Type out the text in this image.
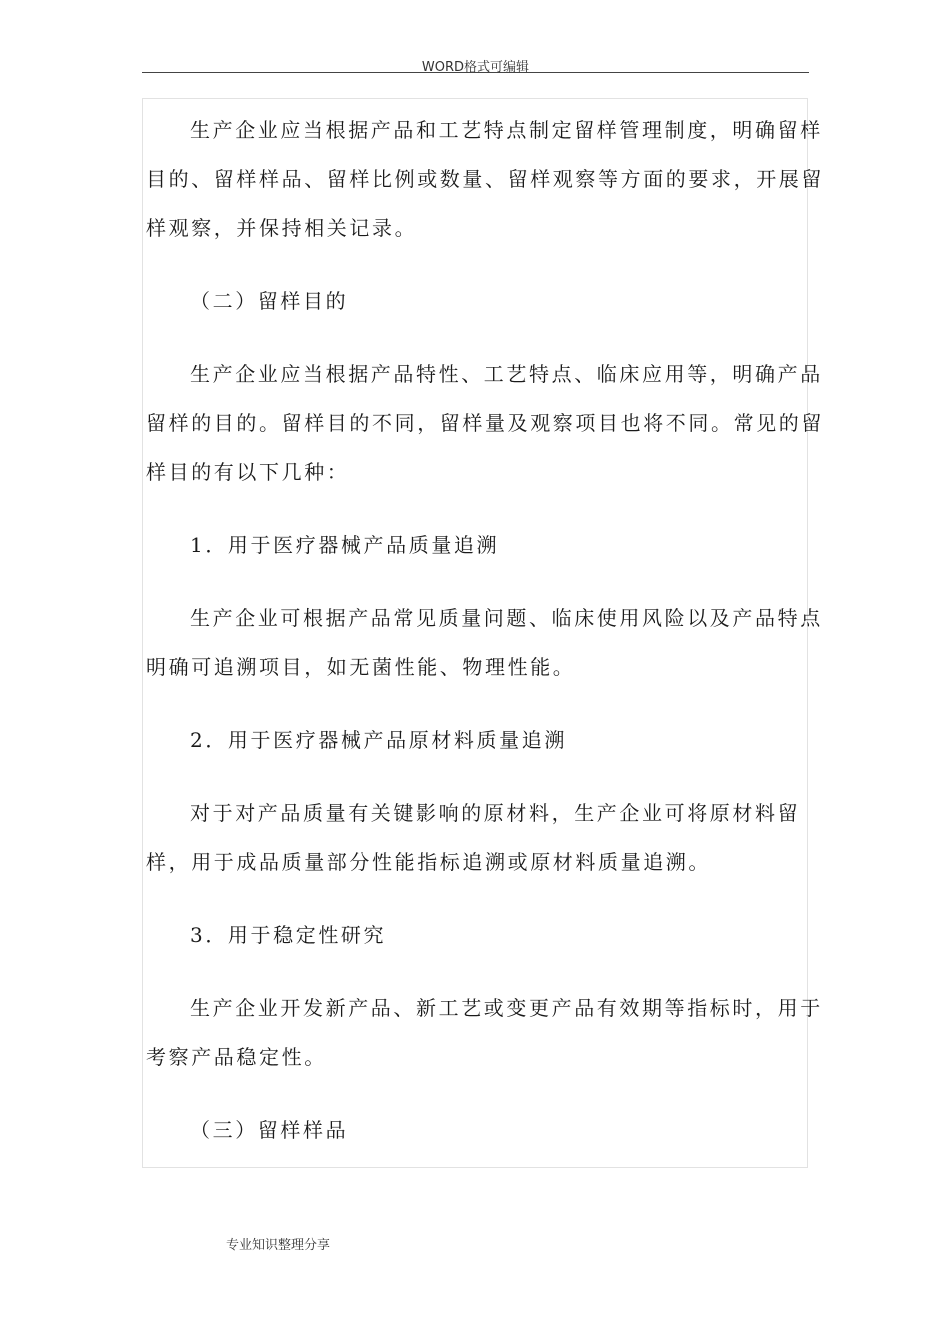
WORD格式可编辑
生产企业应当根据产品和工艺特点制定留样管理制度，明确留样
目的、留样样品、留样比例或数量、留样观察等方面的要求，开展留
样观察，并保持相关记录。
（二）留样目的
生产企业应当根据产品特性、工艺特点、临床应用等，明确产品
留样的目的。留样目的不同，留样量及观察项目也将不同。常见的留
样目的有以下几种：
1．用于医疗器械产品质量追溯
生产企业可根据产品常见质量问题、临床使用风险以及产品特点
明确可追溯项目，如无菌性能、物理性能。
2．用于医疗器械产品原材料质量追溯
对于对产品质量有关键影响的原材料，生产企业可将原材料留
样，用于成品质量部分性能指标追溯或原材料质量追溯。
3．用于稳定性研究
生产企业开发新产品、新工艺或变更产品有效期等指标时，用于
考察产品稳定性。
（三）留样样品
专业知识整理分享
